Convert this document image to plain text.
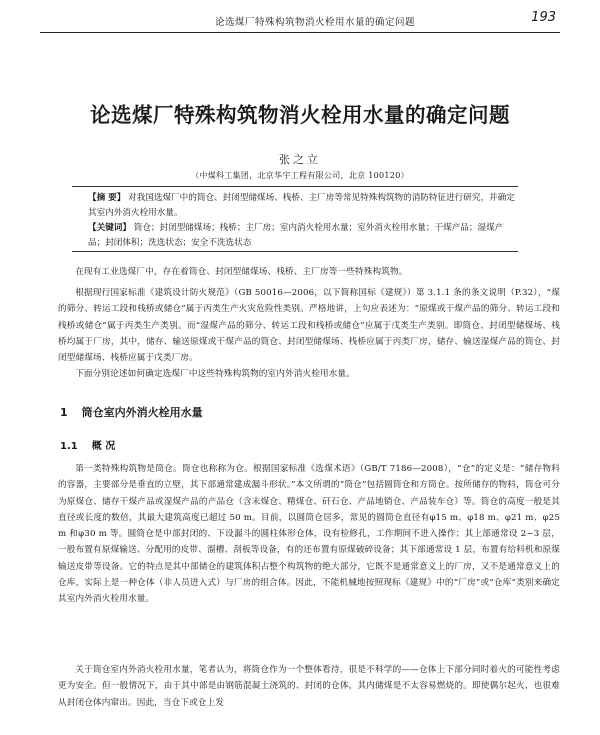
论选煤厂特殊构筑物消火栓用水量的确定问题	193
论选煤厂特殊构筑物消火栓用水量的确定问题
张之立
（中煤科工集团，北京华宇工程有限公司，北京 100120）
【摘 要】 对我国选煤厂中的筒仓、封闭型储煤场、栈桥、主厂房等常见特殊构筑物的消防特征进行研究，并确定其室内外消火栓用水量。
【关键词】 筒仓；封闭型储煤场；栈桥；主厂房；室内消火栓用水量；室外消火栓用水量；干煤产品；湿煤产品；封闭体积；洗选状态；安全不洗选状态

在现有工业选煤厂中，存在着筒仓、封闭型储煤场、栈桥、主厂房等一些特殊构筑物。

根据现行国家标准《建筑设计防火规范》（GB 50016—2006，以下简称国标《建规》）第 3.1.1 条的条文说明（P.32），“煤的筛分、转运工段和栈桥或储仓”属于丙类生产火灾危险性类别。严格地讲，上句应表述为：“原煤或干煤产品的筛分、转运工段和栈桥或储仓”属于丙类生产类别。而“湿煤产品的筛分、转运工段和栈桥或储仓”应属于戊类生产类别。即筒仓、封闭型储煤场、栈桥均属于厂房，其中，储存、输送原煤或干煤产品的筒仓、封闭型储煤场、栈桥应属于丙类厂房，储存、输送湿煤产品的筒仓、封闭型储煤场、栈桥应属于戊类厂房。

下面分别论述如何确定选煤厂中这些特殊构筑物的室内外消火栓用水量。

1 筒仓室内外消火栓用水量
1.1 概 况

第一类特殊构筑物是筒仓。筒仓也称称为仓。根据国家标准《选煤术语》（GB/T 7186—2008），“仓”的定义是：“储存物料的容器，主要部分是垂直的立壁，其下部通常建成漏斗形状。”本文所谓的“筒仓”包括圆筒仓和方筒仓。按所储存的物料，筒仓可分为原煤仓、储存干煤产品或湿煤产品的产品仓（含末煤仓、精煤仓、矸石仓、产品地销仓、产品装车仓）等。筒仓的高度一般是其直径或长度的数倍，其最大建筑高度已超过 50 m。目前，以圆筒仓居多，常见的圆筒仓直径有φ15 m、φ18 m、φ21 m、φ25 m 和φ30 m 等。圆筒仓是中部封闭的、下设漏斗的圆柱体形仓体，设有检修孔，工作期间不进入操作；其上部通常设 2~3 层，一般布置有原煤输送、分配用的皮带、溜槽、刮板等设备，有的还布置有原煤破碎设备；其下部通常设 1 层，布置有给料机和原煤输送皮带等设备。它的特点是其中部储仓的建筑体积占整个构筑物的绝大部分，它既不是通常意义上的厂房，又不是通常意义上的仓库，实际上是一种仓体（非人员进入式）与厂房的组合体。因此，不能机械地按照现标《建规》中的“厂房”或“仓库”类别来确定其室内外消火栓用水量。

关于筒仓室内外消火栓用水量，笔者认为，将筒仓作为一个整体看待，很是不科学的——仓体上下部分同时着火的可能性考虑更为安全。但一般情况下，由于其中部是由钢筋混凝土浇筑的、封闭的仓体，其内储煤是不太容易燃烧的。即使偶尔起火，也很难从封闭仓体内窜出。因此，当仓下或仓上发
